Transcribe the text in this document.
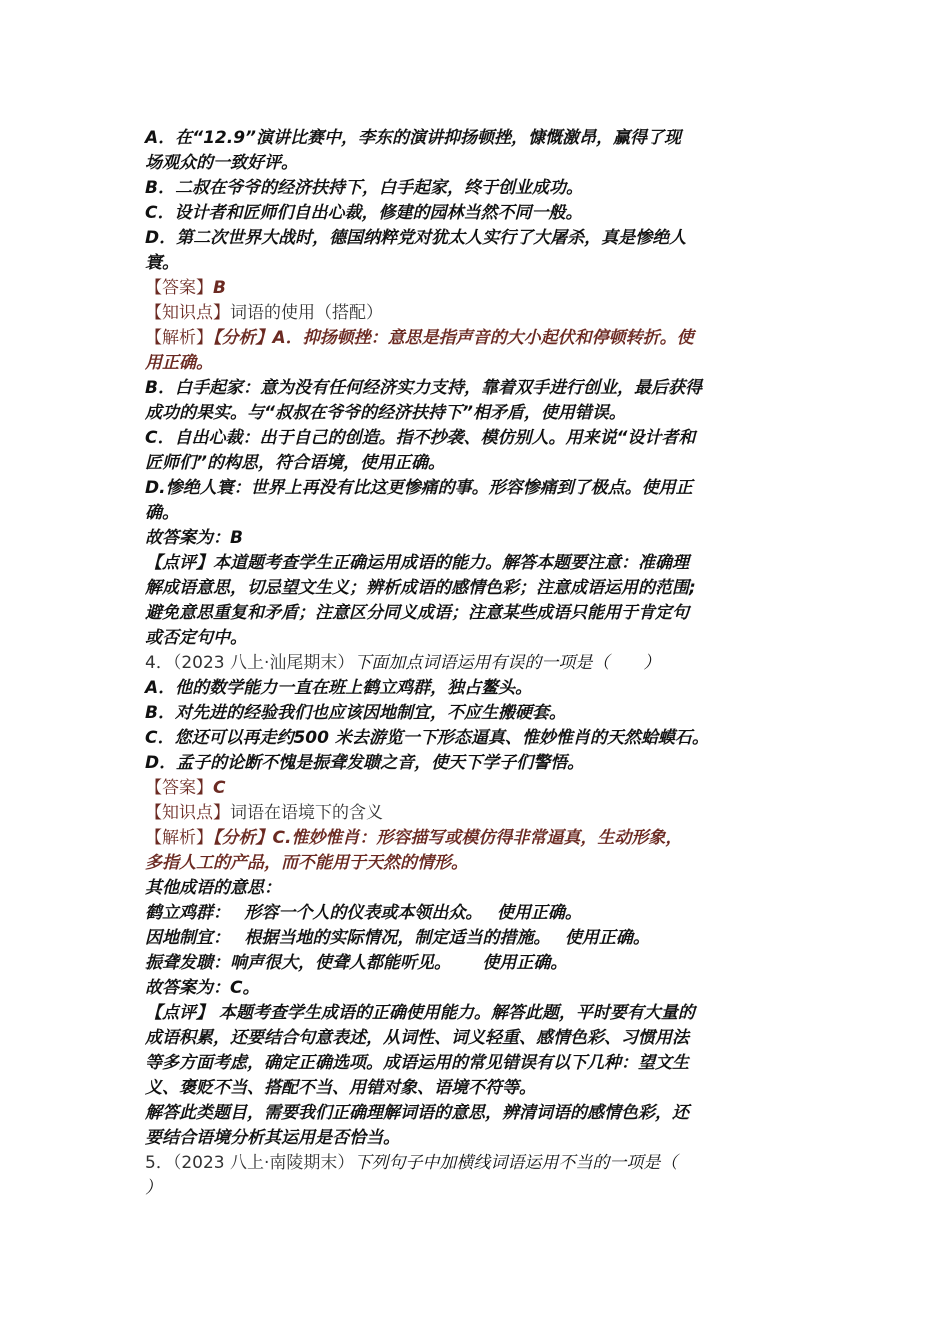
A．在“12.9”演讲比赛中，李东的演讲抑扬顿挫，慷慨激昂，赢得了现
场观众的一致好评。
B．二叔在爷爷的经济扶持下，白手起家，终于创业成功。
C．设计者和匠师们自出心裁，修建的园林当然不同一般。
D．第二次世界大战时，德国纳粹党对犹太人实行了大屠杀，真是惨绝人
寰。
【答案】B
【知识点】词语的使用（搭配）
【解析】【分析】A．抑扬顿挫：意思是指声音的大小起伏和停顿转折。使
用正确。
B．白手起家：意为没有任何经济实力支持，靠着双手进行创业，最后获得
成功的果实。与“叔叔在爷爷的经济扶持下”相矛盾，使用错误。
C．自出心裁：出于自己的创造。指不抄袭、模仿别人。用来说“设计者和
匠师们”的构思，符合语境，使用正确。
D.惨绝人寰：世界上再没有比这更惨痛的事。形容惨痛到了极点。使用正
确。
故答案为：B
【点评】本道题考查学生正确运用成语的能力。解答本题要注意：准确理
解成语意思，切忌望文生义；辨析成语的感情色彩；注意成语运用的范围;
避免意思重复和矛盾；注意区分同义成语；注意某些成语只能用于肯定句
或否定句中。
4．（2023 八上·汕尾期末）下面加点词语运用有误的一项是（　　）
A．他的数学能力一直在班上鹤立鸡群，独占鳌头。
B．对先进的经验我们也应该因地制宜，不应生搬硬套。
C．您还可以再走约500 米去游览一下形态逼真、惟妙惟肖的天然蛤蟆石。
D．孟子的论断不愧是振聋发聩之音，使天下学子们警悟。
【答案】C
【知识点】词语在语境下的含义
【解析】【分析】C.惟妙惟肖：形容描写或模仿得非常逼真，生动形象，
多指人工的产品，而不能用于天然的情形。
其他成语的意思：
鹤立鸡群：　 形容一个人的仪表或本领出众。　 使用正确。
因地制宜：　 根据当地的实际情况，制定适当的措施。　 使用正确。
振聋发聩：响声很大，使聋人都能听见。　　 使用正确。
故答案为：C。
【点评】 本题考查学生成语的正确使用能力。解答此题，平时要有大量的
成语积累，还要结合句意表述，从词性、词义轻重、感情色彩、习惯用法
等多方面考虑，确定正确选项。成语运用的常见错误有以下几种：望文生
义、褒贬不当、搭配不当、用错对象、语境不符等。
解答此类题目，需要我们正确理解词语的意思，辨清词语的感情色彩，还
要结合语境分析其运用是否恰当。
5．（2023 八上·南陵期末）下列句子中加横线词语运用不当的一项是（
）
